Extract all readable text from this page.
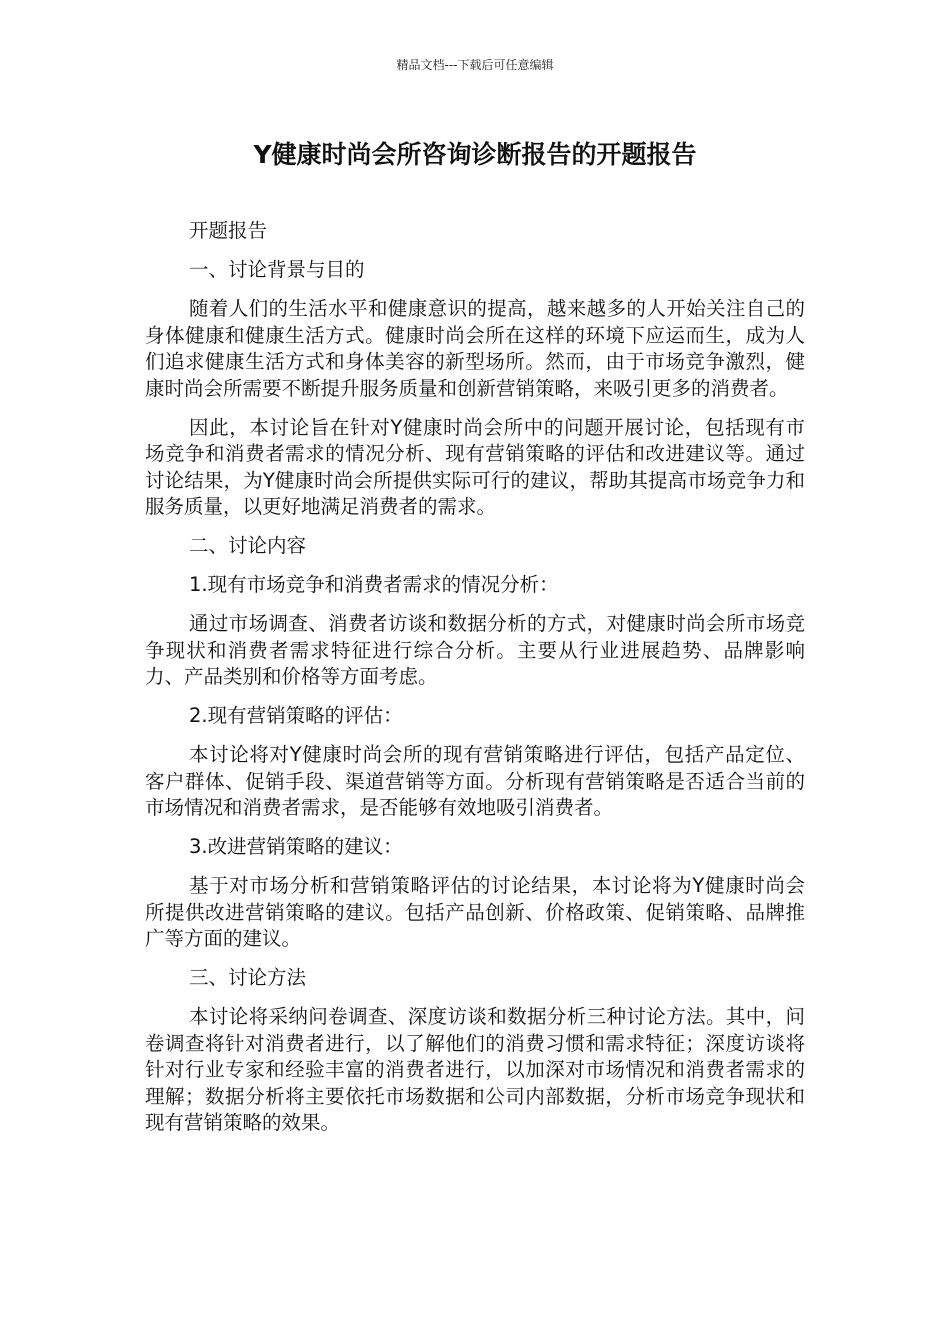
精品文档---下载后可任意编辑
Y健康时尚会所咨询诊断报告的开题报告

开题报告

一、讨论背景与目的

随着人们的生活水平和健康意识的提高，越来越多的人开始关注自己的身体健康和健康生活方式。健康时尚会所在这样的环境下应运而生，成为人们追求健康生活方式和身体美容的新型场所。然而，由于市场竞争激烈，健康时尚会所需要不断提升服务质量和创新营销策略，来吸引更多的消费者。

因此，本讨论旨在针对Y健康时尚会所中的问题开展讨论，包括现有市场竞争和消费者需求的情况分析、现有营销策略的评估和改进建议等。通过讨论结果，为Y健康时尚会所提供实际可行的建议，帮助其提高市场竞争力和服务质量，以更好地满足消费者的需求。

二、讨论内容

1.现有市场竞争和消费者需求的情况分析：

通过市场调查、消费者访谈和数据分析的方式，对健康时尚会所市场竞争现状和消费者需求特征进行综合分析。主要从行业进展趋势、品牌影响力、产品类别和价格等方面考虑。

2.现有营销策略的评估：

本讨论将对Y健康时尚会所的现有营销策略进行评估，包括产品定位、客户群体、促销手段、渠道营销等方面。分析现有营销策略是否适合当前的市场情况和消费者需求，是否能够有效地吸引消费者。

3.改进营销策略的建议：

基于对市场分析和营销策略评估的讨论结果，本讨论将为Y健康时尚会所提供改进营销策略的建议。包括产品创新、价格政策、促销策略、品牌推广等方面的建议。

三、讨论方法

本讨论将采纳问卷调查、深度访谈和数据分析三种讨论方法。其中，问卷调查将针对消费者进行，以了解他们的消费习惯和需求特征；深度访谈将针对行业专家和经验丰富的消费者进行，以加深对市场情况和消费者需求的理解；数据分析将主要依托市场数据和公司内部数据，分析市场竞争现状和现有营销策略的效果。
